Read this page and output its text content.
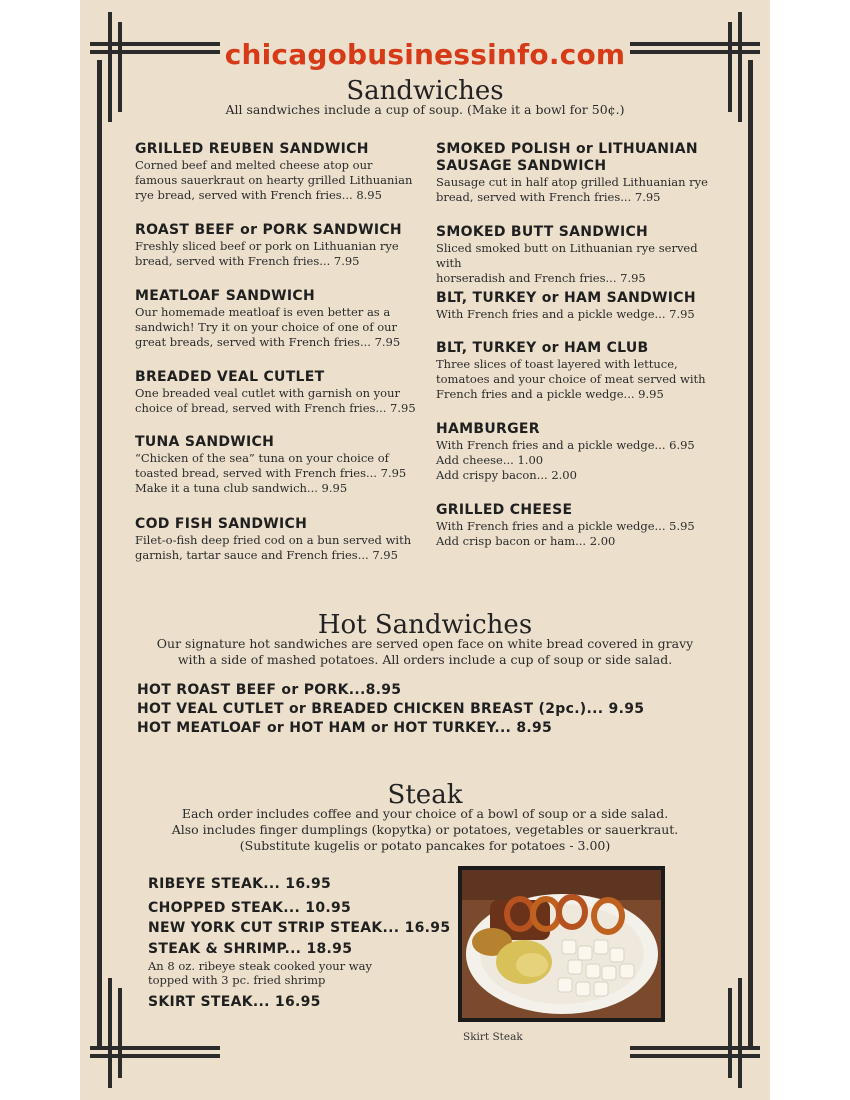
chicagobusinessinfo.com
Sandwiches
All sandwiches include a cup of soup. (Make it a bowl for 50¢.)
Hot Sandwiches
Our signature hot sandwiches are served open face on white bread covered in gravy
with a side of mashed potatoes. All orders include a cup of soup or side salad.
HOT ROAST BEEF or PORK...8.95
HOT VEAL CUTLET or BREADED CHICKEN BREAST (2pc.)... 9.95
HOT MEATLOAF or HOT HAM or HOT TURKEY... 8.95
Steak
Each order includes coffee and your choice of a bowl of soup or a side salad.
Also includes finger dumplings (kopytka) or potatoes, vegetables or sauerkraut.
(Substitute kugelis or potato pancakes for potatoes - 3.00)
RIBEYE STEAK... 16.95
CHOPPED STEAK... 10.95
NEW YORK CUT STRIP STEAK... 16.95
STEAK & SHRIMP... 18.95
An 8 oz. ribeye steak cooked your way
topped with 3 pc. fried shrimp
SKIRT STEAK... 16.95
Skirt Steak
GRILLED REUBEN SANDWICH
Corned beef and melted cheese atop our
famous sauerkraut on hearty grilled Lithuanian
rye bread, served with French fries... 8.95
ROAST BEEF or PORK SANDWICH
Freshly sliced beef or pork on Lithuanian rye
bread, served with French fries... 7.95
MEATLOAF SANDWICH
Our homemade meatloaf is even better as a
sandwich! Try it on your choice of one of our
great breads, served with French fries... 7.95
BREADED VEAL CUTLET
One breaded veal cutlet with garnish on your
choice of bread, served with French fries... 7.95
TUNA SANDWICH
“Chicken of the sea” tuna on your choice of
toasted bread, served with French fries... 7.95
Make it a tuna club sandwich... 9.95
COD FISH SANDWICH
Filet-o-fish deep fried cod on a bun served with
garnish, tartar sauce and French fries... 7.95
SMOKED POLISH or LITHUANIAN SAUSAGE SANDWICH
Sausage cut in half atop grilled Lithuanian rye
bread, served with French fries... 7.95
SMOKED BUTT SANDWICH
Sliced smoked butt on Lithuanian rye served with
horseradish and French fries... 7.95
BLT, TURKEY or HAM SANDWICH
With French fries and a pickle wedge... 7.95
BLT, TURKEY or HAM CLUB
Three slices of toast layered with lettuce,
tomatoes and your choice of meat served with
French fries and a pickle wedge... 9.95
HAMBURGER
With French fries and a pickle wedge... 6.95
Add cheese... 1.00
Add crispy bacon... 2.00
GRILLED CHEESE
With French fries and a pickle wedge... 5.95
Add crisp bacon or ham... 2.00
